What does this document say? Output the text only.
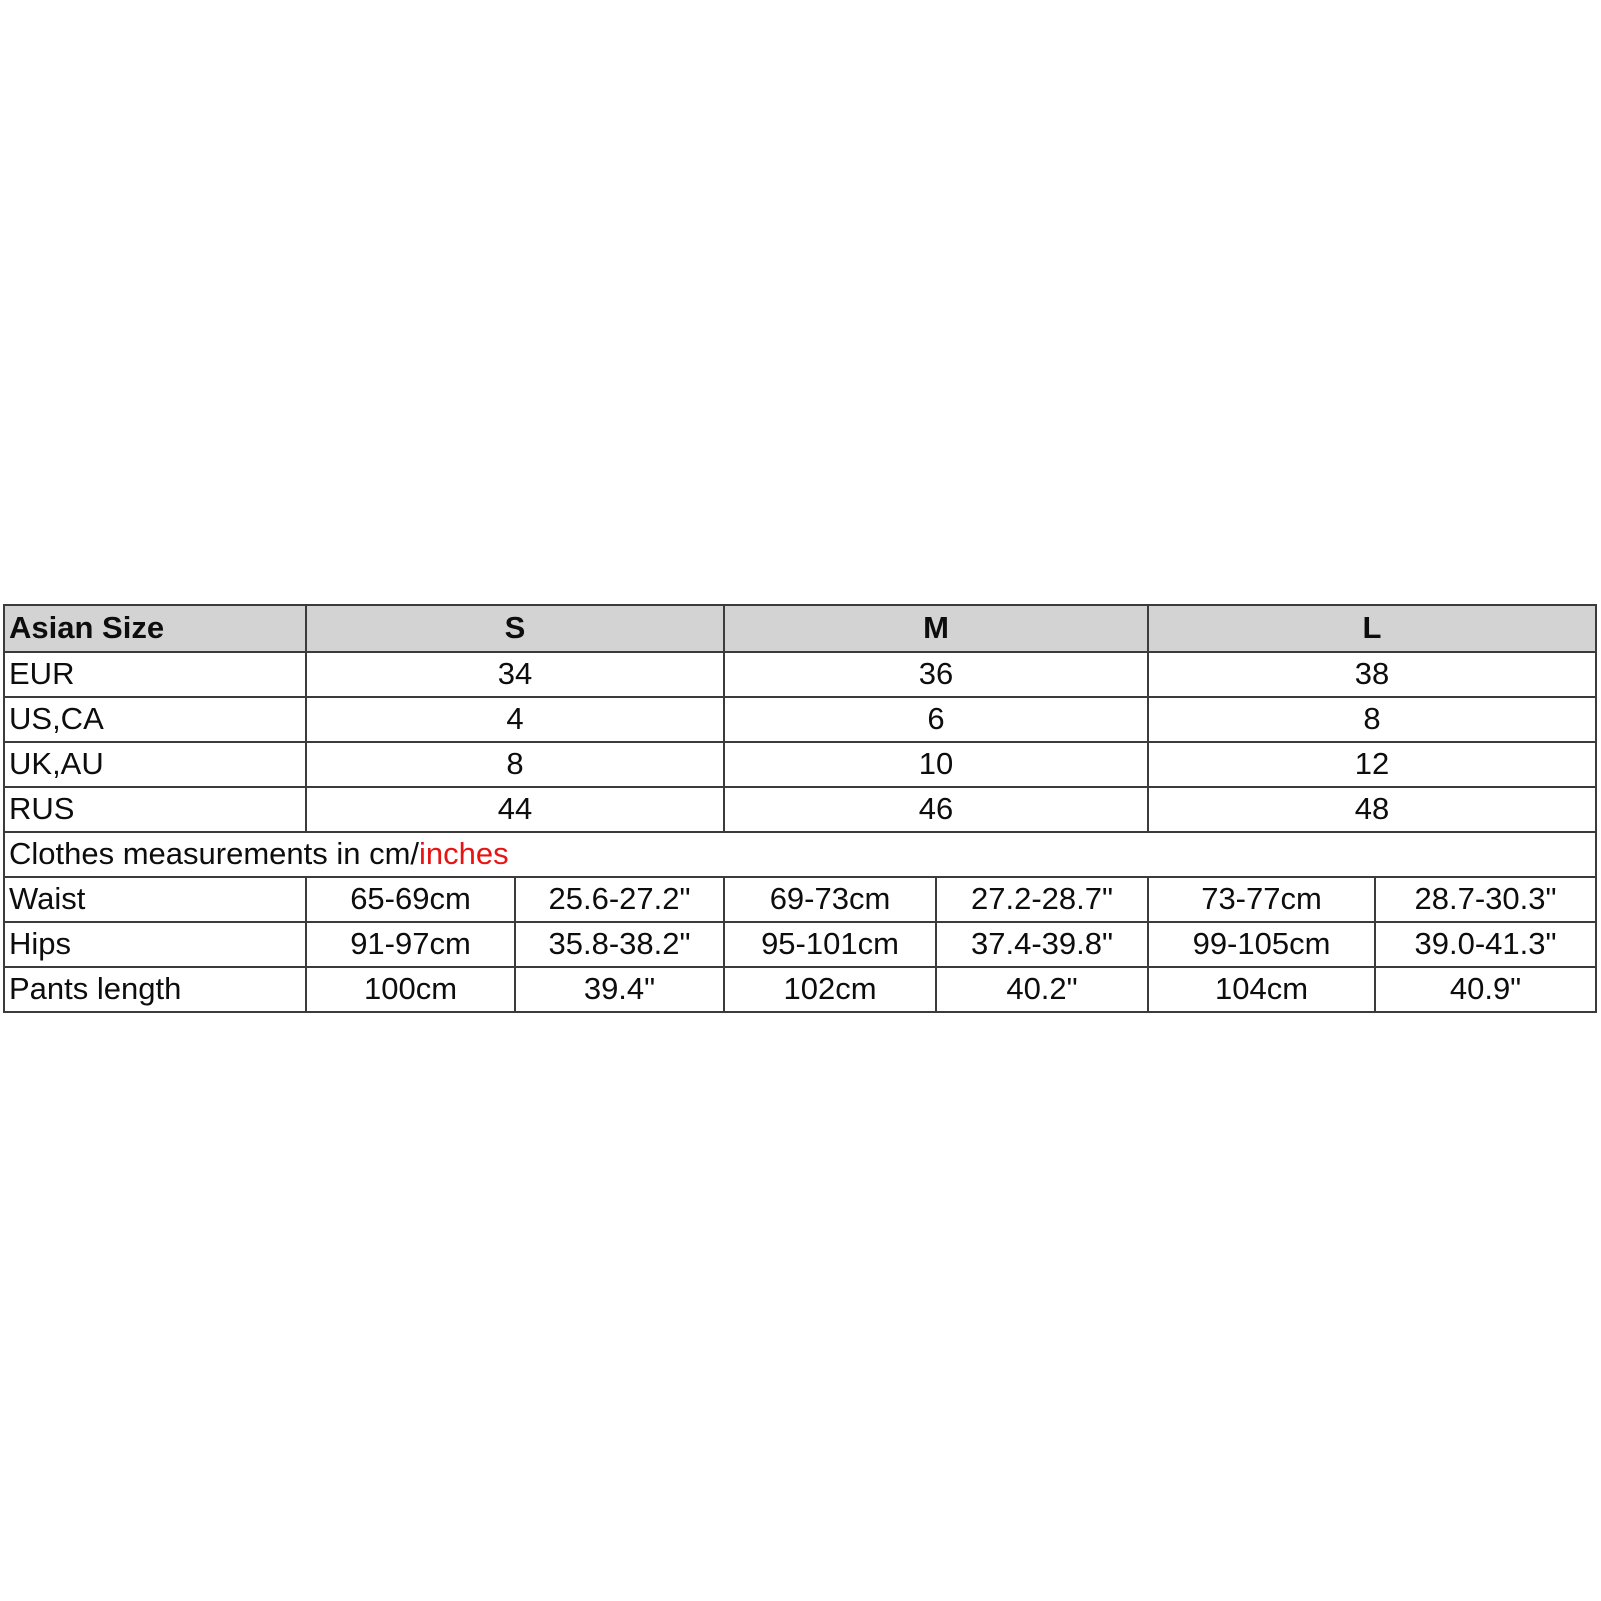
Asian Size	S		M		L	
EUR	34		36		38	
US,CA	4		6		8	
UK,AU	8		10		12	
RUS	44		46		48	
Clothes measurements in cm/inches						
Waist	65-69cm	25.6-27.2"	69-73cm	27.2-28.7"	73-77cm	28.7-30.3"
Hips	91-97cm	35.8-38.2"	95-101cm	37.4-39.8"	99-105cm	39.0-41.3"
Pants length	100cm	39.4"	102cm	40.2"	104cm	40.9"
